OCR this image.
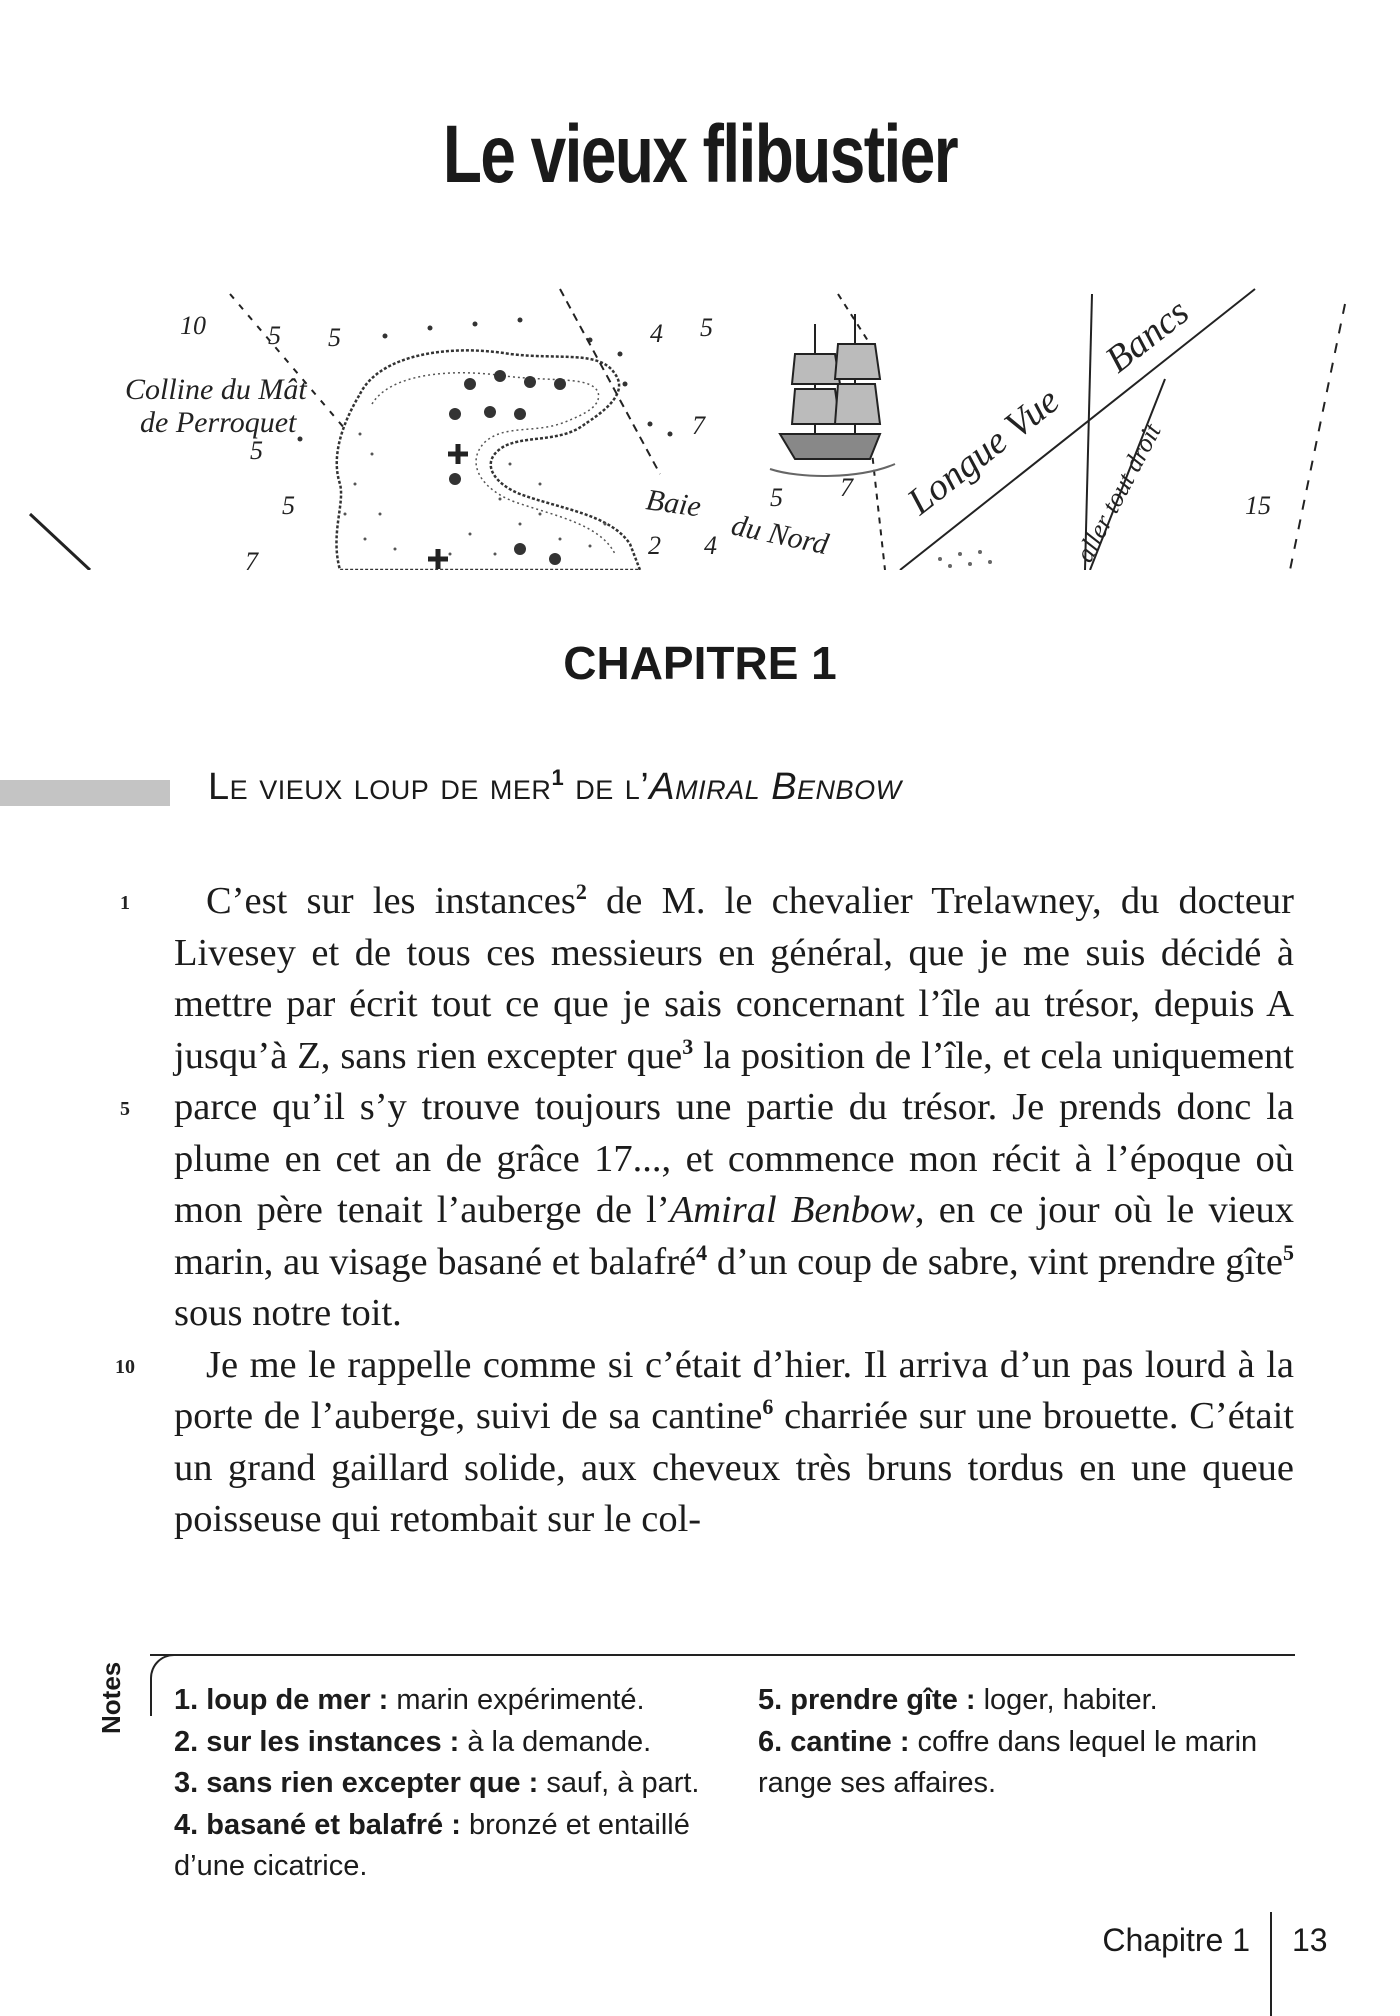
Le vieux flibustier
10 5 5	4 5
7
5
5	5 7
4
2
15
7
Colline du Mât
de Perroquet
Baie
du Nord
Longue Vue
Bancs
aller tout droit
CHAPITRE 1
Le vieux loup de mer$^1$ de l’Amiral Benbow
1
5
10

C’est sur les instances$^2$ de M. le chevalier Trelawney, du docteur Livesey et de tous ces messieurs en général, que je me suis décidé à mettre par écrit tout ce que je sais concernant l’île au trésor, depuis A jusqu’à Z, sans rien excepter que$^3$ la position de l’île, et cela uniquement parce qu’il s’y trouve toujours une partie du trésor. Je prends donc la plume en cet an de grâce 17..., et commence mon récit à l’époque où mon père tenait l’auberge de l’Amiral Benbow, en ce jour où le vieux marin, au visage basané et balafré$^4$ d’un coup de sabre, vint prendre gîte$^5$ sous notre toit.

Je me le rappelle comme si c’était d’hier. Il arriva d’un pas lourd à la porte de l’auberge, suivi de sa cantine$^6$ charriée sur une brouette. C’était un grand gaillard solide, aux cheveux très bruns tordus en une queue poisseuse qui retombait sur le col-

Notes 1. loup de mer : marin expérimenté.

2. sur les instances : à la demande.

3. sans rien excepter que : sauf, à part.

4. basané et balafré : bronzé et entaillé d’une cicatrice.

5. prendre gîte : loger, habiter.

6. cantine : coffre dans lequel le marin range ses affaires.

Chapitre 1 13
